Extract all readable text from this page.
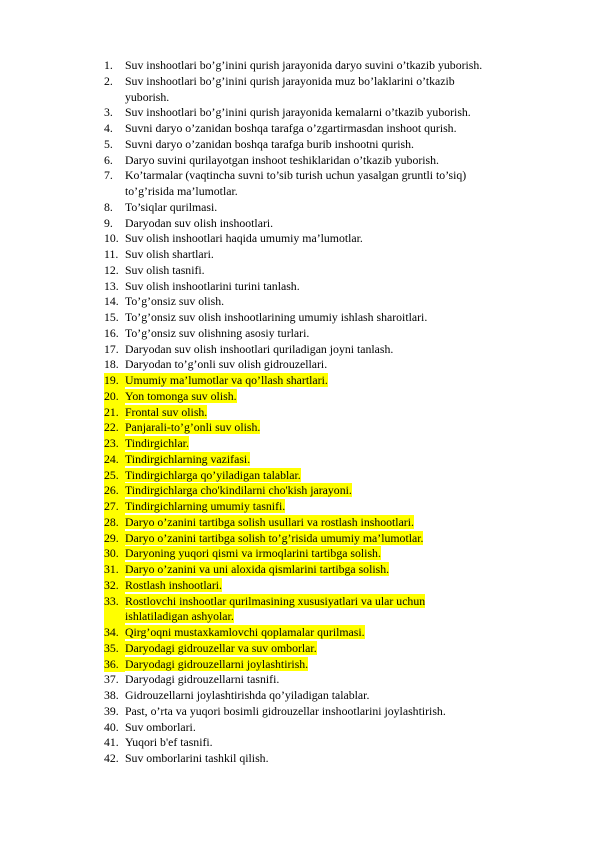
1.	Suv inshootlari bo’g’inini qurish jarayonida daryo suvini o’tkazib yuborish.
2.	Suv inshootlari bo’g’inini qurish jarayonida muz bo’laklarini o’tkazib
yuborish.
3.	Suv inshootlari bo’g’inini qurish jarayonida kemalarni o’tkazib yuborish.
4.	Suvni daryo o’zanidan boshqa tarafga o’zgartirmasdan inshoot qurish.
5.	Suvni daryo o’zanidan boshqa tarafga burib inshootni qurish.
6.	Daryo suvini qurilayotgan inshoot teshiklaridan o’tkazib yuborish.
7.	Ko’tarmalar (vaqtincha suvni to’sib turish uchun yasalgan gruntli to’siq)
to’g’risida ma’lumotlar.
8.	To’siqlar qurilmasi.
9.	Daryodan suv olish inshootlari.
10. Suv olish inshootlari haqida umumiy ma’lumotlar.
11. Suv olish shartlari.
12. Suv olish tasnifi.
13. Suv olish inshootlarini turini tanlash.
14. To’g’onsiz suv olish.
15. To’g’onsiz suv olish inshootlarining umumiy ishlash sharoitlari.
16. To’g’onsiz suv olishning asosiy turlari.
17. Daryodan suv olish inshootlari quriladigan joyni tanlash.
18. Daryodan to’g’onli suv olish gidrouzellari.
19. Umumiy ma’lumotlar va qo’llash shartlari.
20. Yon tomonga suv olish.
21. Frontal suv olish.
22. Panjarali-to’g’onli suv olish.
23. Tindirgichlar.
24. Tindirgichlarning vazifasi.
25. Tindirgichlarga qo’yiladigan talablar.
26. Tindirgichlarga cho'kindilarni cho'kish jarayoni.
27. Tindirgichlarning umumiy tasnifi.
28. Daryo o’zanini tartibga solish usullari va rostlash inshootlari.
29. Daryo o’zanini tartibga solish to’g’risida umumiy ma’lumotlar.
30. Daryoning yuqori qismi va irmoqlarini tartibga solish.
31. Daryo o’zanini va uni aloxida qismlarini tartibga solish.
32. Rostlash inshootlari.
33. Rostlovchi inshootlar qurilmasining xususiyatlari va ular uchun
ishlatiladigan ashyolar.
34. Qirg’oqni mustaxkamlovchi qoplamalar qurilmasi.
35. Daryodagi gidrouzellar va suv omborlar.
36. Daryodagi gidrouzellarni joylashtirish.
37. Daryodagi gidrouzellarni tasnifi.
38. Gidrouzellarni joylashtirishda qo’yiladigan talablar.
39. Past, o’rta va yuqori bosimli gidrouzellar inshootlarini joylashtirish.
40. Suv omborlari.
41. Yuqori b'ef tasnifi.
42. Suv omborlarini tashkil qilish.
